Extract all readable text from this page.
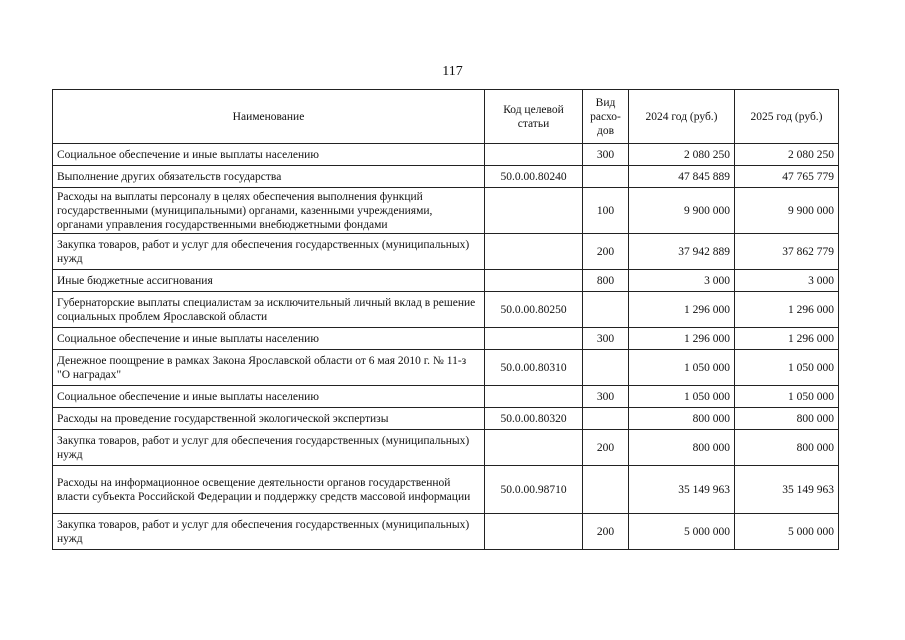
117
Наименование	Код целевой статьи	Вид расхо-дов	2024 год (руб.)	2025 год (руб.)
Социальное обеспечение и иные выплаты населению		300	2 080 250	2 080 250
Выполнение других обязательств государства	50.0.00.80240		47 845 889	47 765 779
Расходы на выплаты персоналу в целях обеспечения выполнения функций государственными (муниципальными) органами, казенными учреждениями, органами управления государственными внебюджетными фондами		100	9 900 000	9 900 000
Закупка товаров, работ и услуг для обеспечения государственных (муниципальных) нужд		200	37 942 889	37 862 779
Иные бюджетные ассигнования		800	3 000	3 000
Губернаторские выплаты специалистам за исключительный личный вклад в решение социальных проблем Ярославской области	50.0.00.80250		1 296 000	1 296 000
Социальное обеспечение и иные выплаты населению		300	1 296 000	1 296 000
Денежное поощрение в рамках Закона Ярославской области от 6 мая 2010 г. № 11-з "О наградах"	50.0.00.80310		1 050 000	1 050 000
Социальное обеспечение и иные выплаты населению		300	1 050 000	1 050 000
Расходы на проведение государственной экологической экспертизы	50.0.00.80320		800 000	800 000
Закупка товаров, работ и услуг для обеспечения государственных (муниципальных) нужд		200	800 000	800 000
Расходы на информационное освещение деятельности органов государственной власти субъекта Российской Федерации и поддержку средств массовой информации	50.0.00.98710		35 149 963	35 149 963
Закупка товаров, работ и услуг для обеспечения государственных (муниципальных) нужд		200	5 000 000	5 000 000
